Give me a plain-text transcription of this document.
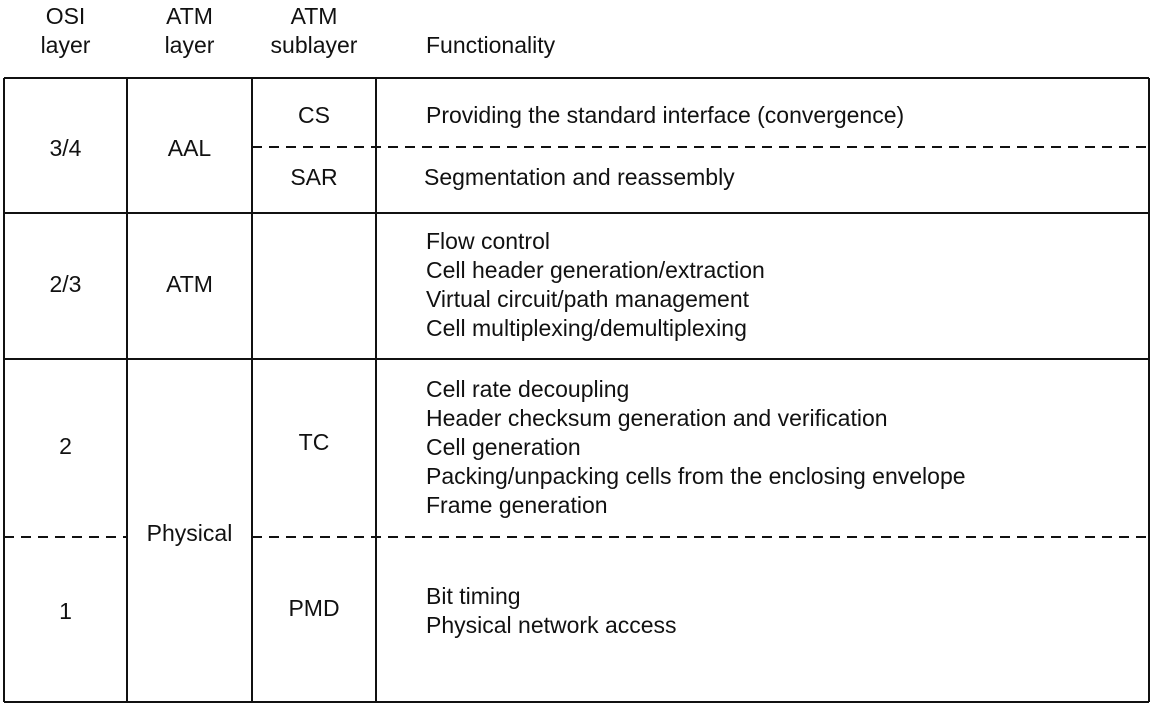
OSI
layer
ATM
layer
ATM
sublayer	Functionality
3/4
2/3
2
1
AAL
ATM
Physical
CS
SAR
TC
PMD
Providing the standard interface (convergence)
Segmentation and reassembly
Flow control
Cell header generation/extraction
Virtual circuit/path management
Cell multiplexing/demultiplexing
Cell rate decoupling
Header checksum generation and verification
Cell generation
Packing/unpacking cells from the enclosing envelope
Frame generation
Bit timing
Physical network access
